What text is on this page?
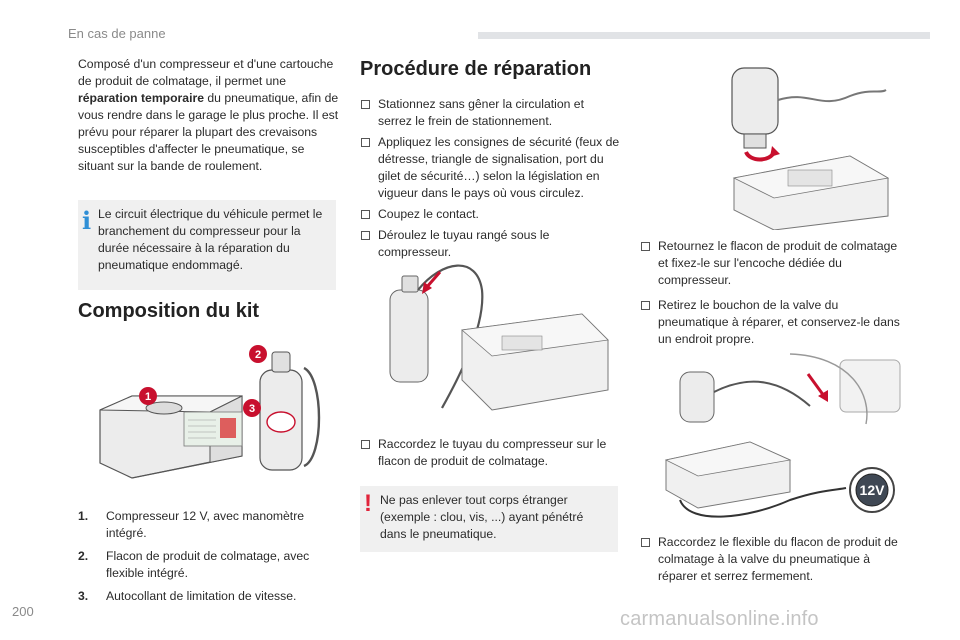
En cas de panne
Composé d'un compresseur et d'une cartouche de produit de colmatage, il permet une réparation temporaire du pneumatique, afin de vous rendre dans le garage le plus proche. Il est prévu pour réparer la plupart des crevaisons susceptibles d'affecter le pneumatique, se situant sur la bande de roulement.
i Le circuit électrique du véhicule permet le branchement du compresseur pour la durée nécessaire à la réparation du pneumatique endommagé.
Composition du kit
1
2
3
1. Compresseur 12 V, avec manomètre intégré.
2. Flacon de produit de colmatage, avec flexible intégré.
3. Autocollant de limitation de vitesse.
Procédure de réparation
Stationnez sans gêner la circulation et serrez le frein de stationnement.
Appliquez les consignes de sécurité (feux de détresse, triangle de signalisation, port du gilet de sécurité…) selon la législation en vigueur dans le pays où vous circulez.
Coupez le contact.
Déroulez le tuyau rangé sous le compresseur.
Raccordez le tuyau du compresseur sur le flacon de produit de colmatage.
! Ne pas enlever tout corps étranger (exemple : clou, vis, ...) ayant pénétré dans le pneumatique.
Retournez le flacon de produit de colmatage et fixez-le sur l'encoche dédiée du compresseur.
Retirez le bouchon de la valve du pneumatique à réparer, et conservez-le dans un endroit propre.
12V
Raccordez le flexible du flacon de produit de colmatage à la valve du pneumatique à réparer et serrez fermement.
200	carmanualsonline.info
